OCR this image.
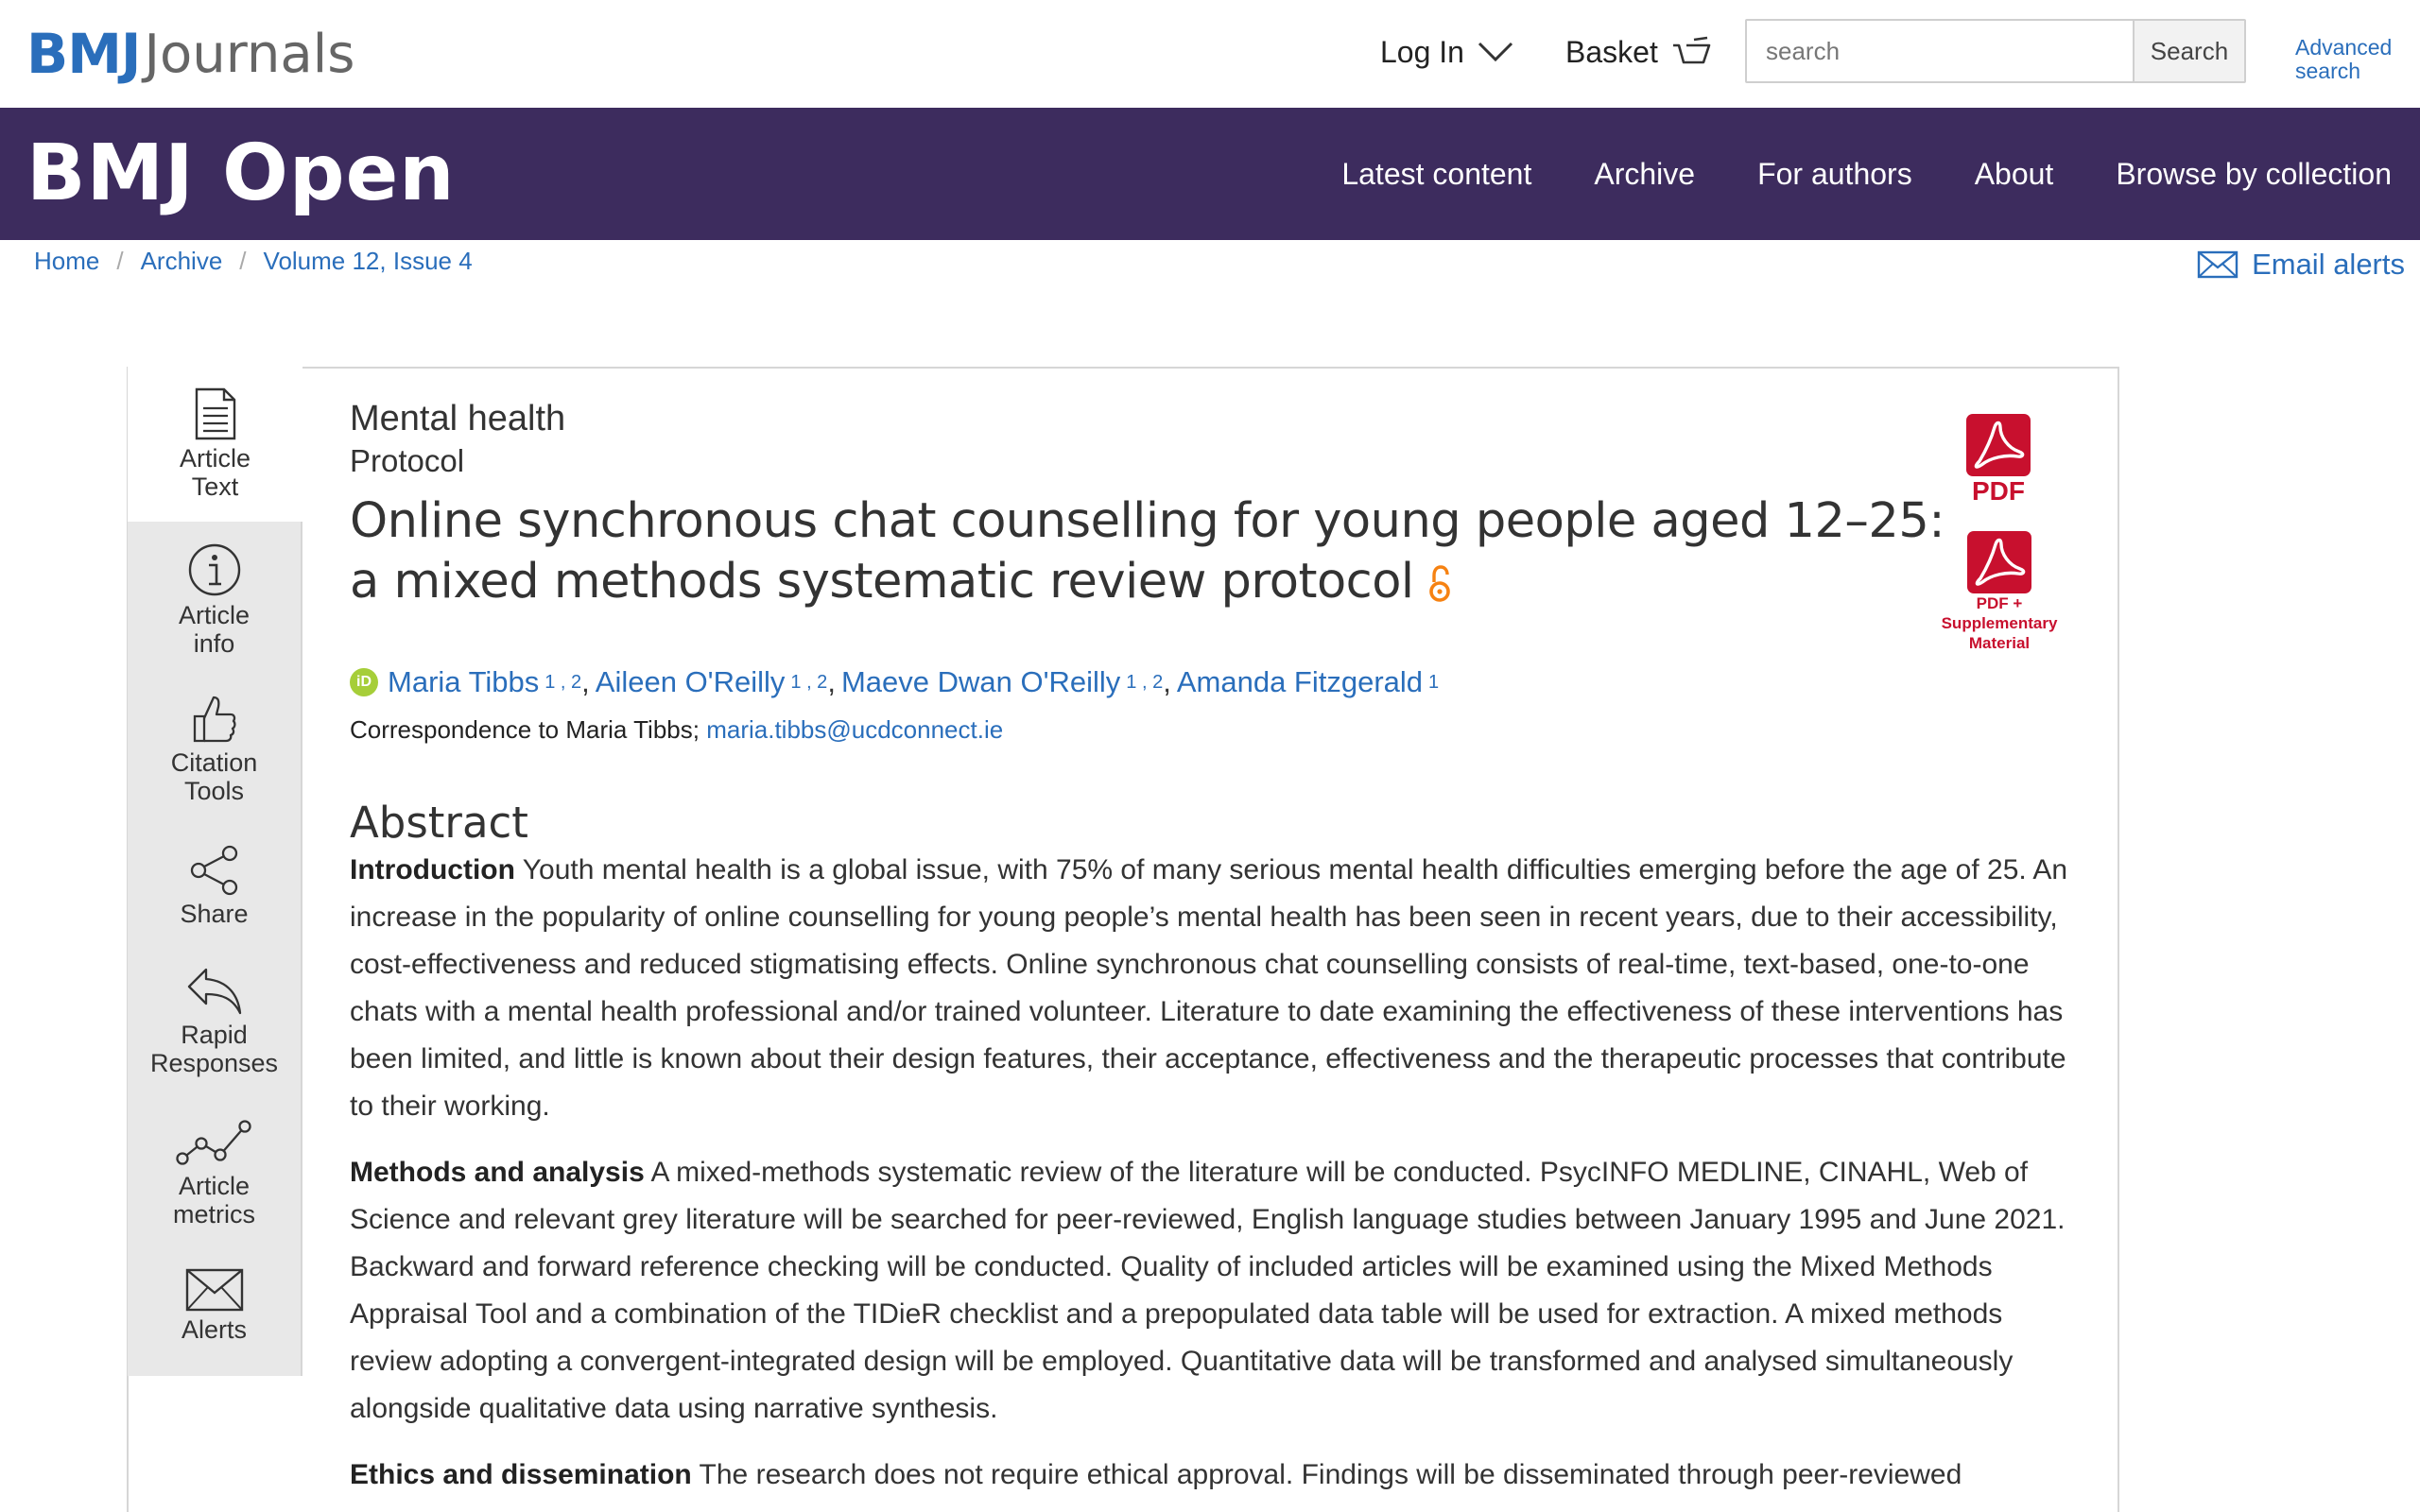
BMJ Journals	Log In	Basket
search	Search	Advanced search
BMJ Open	Latest content Archive For authors About Browse by collection
Home / Archive / Volume 12, Issue 4	Email alerts
Article
Text
Article
info
Citation
Tools
Share
Rapid
Responses
Article
metrics
Alerts
Mental health
Protocol
Online synchronous chat counselling for young people aged 12–25: a mixed methods systematic review protocol
iD Maria Tibbs 1 , 2 , Aileen O'Reilly 1 , 2 , Maeve Dwan O'Reilly 1 , 2 , Amanda Fitzgerald 1
Correspondence to Maria Tibbs; maria.tibbs@ucdconnect.ie
Abstract

Introduction Youth mental health is a global issue, with 75% of many serious mental health difficulties emerging before the age of 25. An increase in the popularity of online counselling for young people’s mental health has been seen in recent years, due to their accessibility, cost-effectiveness and reduced stigmatising effects. Online synchronous chat counselling consists of real-time, text-based, one-to-one chats with a mental health professional and/or trained volunteer. Literature to date examining the effectiveness of these interventions has been limited, and little is known about their design features, their acceptance, effectiveness and the therapeutic processes that contribute to their working.

Methods and analysis A mixed-methods systematic review of the literature will be conducted. PsycINFO MEDLINE, CINAHL, Web of Science and relevant grey literature will be searched for peer-reviewed, English language studies between January 1995 and June 2021. Backward and forward reference checking will be conducted. Quality of included articles will be examined using the Mixed Methods Appraisal Tool and a combination of the TIDieR checklist and a prepopulated data table will be used for extraction. A mixed methods review adopting a convergent-integrated design will be employed. Quantitative data will be transformed and analysed simultaneously alongside qualitative data using narrative synthesis.

Ethics and dissemination The research does not require ethical approval. Findings will be disseminated through peer-reviewed

PDF
PDF + Supplementary Material
